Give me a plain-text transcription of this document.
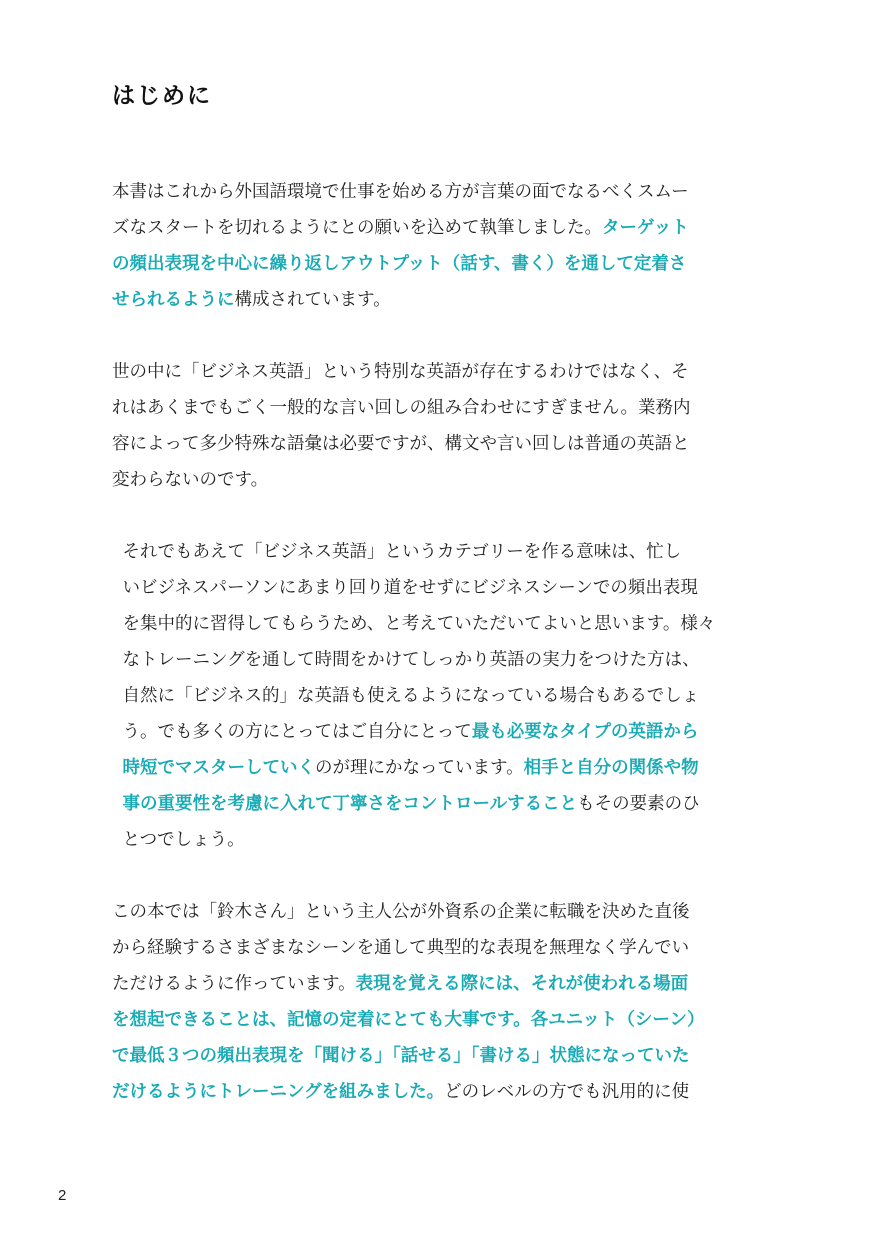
はじめに
本書はこれから外国語環境で仕事を始める方が言葉の面でなるべくスムー
ズなスタートを切れるようにとの願いを込めて執筆しました。ターゲット
の頻出表現を中心に繰り返しアウトプット（話す、書く）を通して定着さ
せられるように構成されています。
世の中に「ビジネス英語」という特別な英語が存在するわけではなく、そ
れはあくまでもごく一般的な言い回しの組み合わせにすぎません。業務内
容によって多少特殊な語彙は必要ですが、構文や言い回しは普通の英語と
変わらないのです。
それでもあえて「ビジネス英語」というカテゴリーを作る意味は、忙し
いビジネスパーソンにあまり回り道をせずにビジネスシーンでの頻出表現
を集中的に習得してもらうため、と考えていただいてよいと思います。様々
なトレーニングを通して時間をかけてしっかり英語の実力をつけた方は、
自然に「ビジネス的」な英語も使えるようになっている場合もあるでしょ
う。でも多くの方にとってはご自分にとって最も必要なタイプの英語から
時短でマスターしていくのが理にかなっています。相手と自分の関係や物
事の重要性を考慮に入れて丁寧さをコントロールすることもその要素のひ
とつでしょう。
この本では「鈴木さん」という主人公が外資系の企業に転職を決めた直後
から経験するさまざまなシーンを通して典型的な表現を無理なく学んでい
ただけるように作っています。表現を覚える際には、それが使われる場面
を想起できることは、記憶の定着にとても大事です。各ユニット（シーン）
で最低３つの頻出表現を「聞ける」「話せる」「書ける」状態になっていた
だけるようにトレーニングを組みました。どのレベルの方でも汎用的に使
2
